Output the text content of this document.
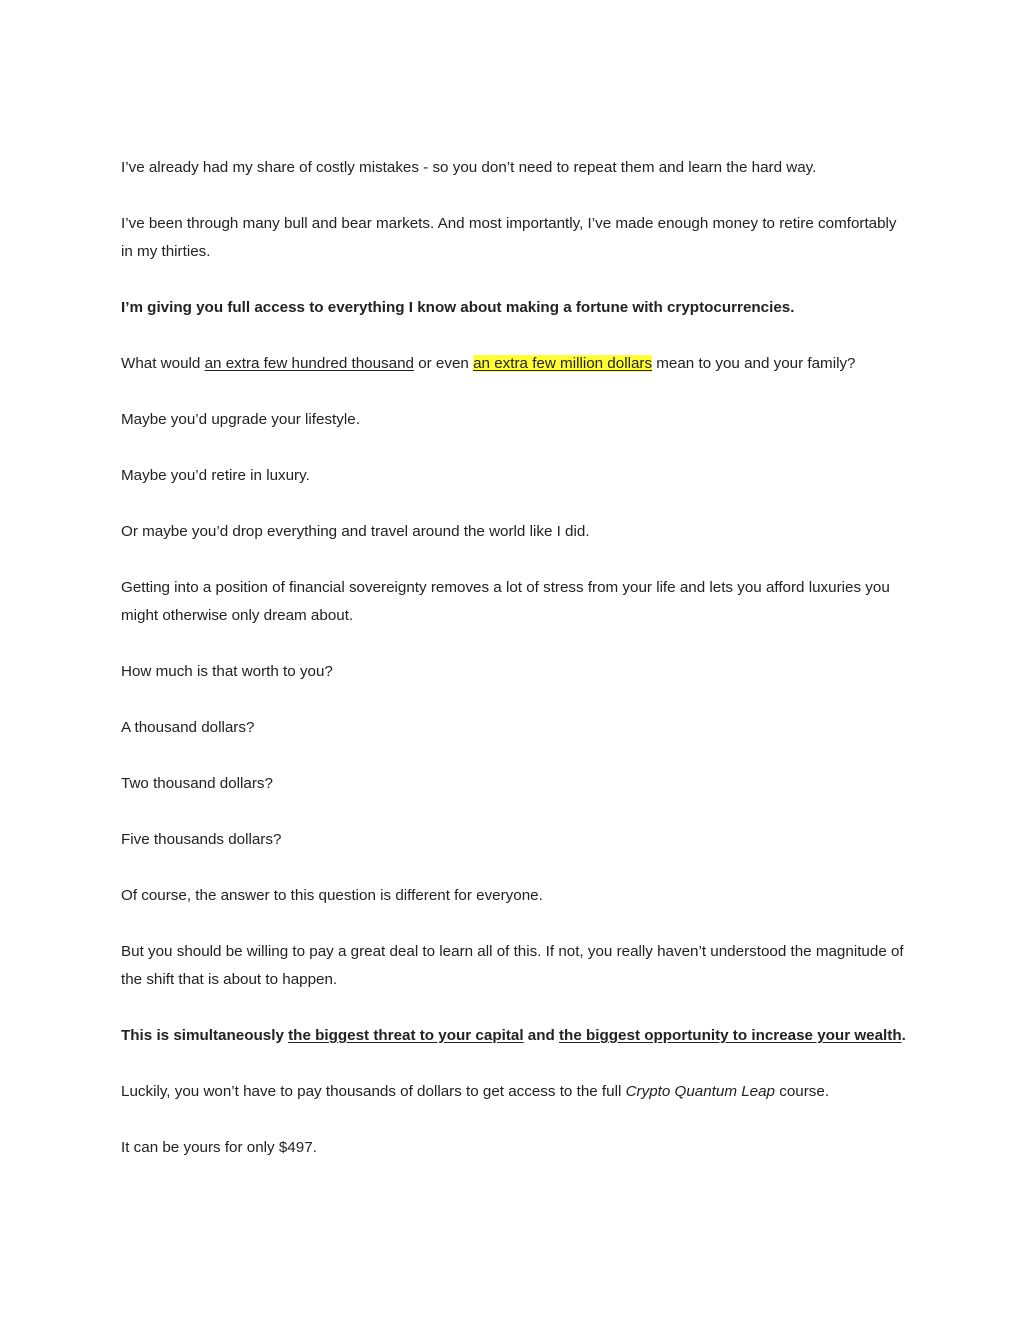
I’ve already had my share of costly mistakes - so you don’t need to repeat them and learn the hard way.

I’ve been through many bull and bear markets. And most importantly, I’ve made enough money to retire comfortably in my thirties.

I’m giving you full access to everything I know about making a fortune with cryptocurrencies.

What would an extra few hundred thousand or even an extra few million dollars mean to you and your family?

Maybe you’d upgrade your lifestyle.

Maybe you’d retire in luxury.

Or maybe you’d drop everything and travel around the world like I did.

Getting into a position of financial sovereignty removes a lot of stress from your life and lets you afford luxuries you might otherwise only dream about.

How much is that worth to you?

A thousand dollars?

Two thousand dollars?

Five thousands dollars?

Of course, the answer to this question is different for everyone.

But you should be willing to pay a great deal to learn all of this. If not, you really haven’t understood the magnitude of the shift that is about to happen.

This is simultaneously the biggest threat to your capital and the biggest opportunity to increase your wealth.

Luckily, you won’t have to pay thousands of dollars to get access to the full Crypto Quantum Leap course.

It can be yours for only $497.
